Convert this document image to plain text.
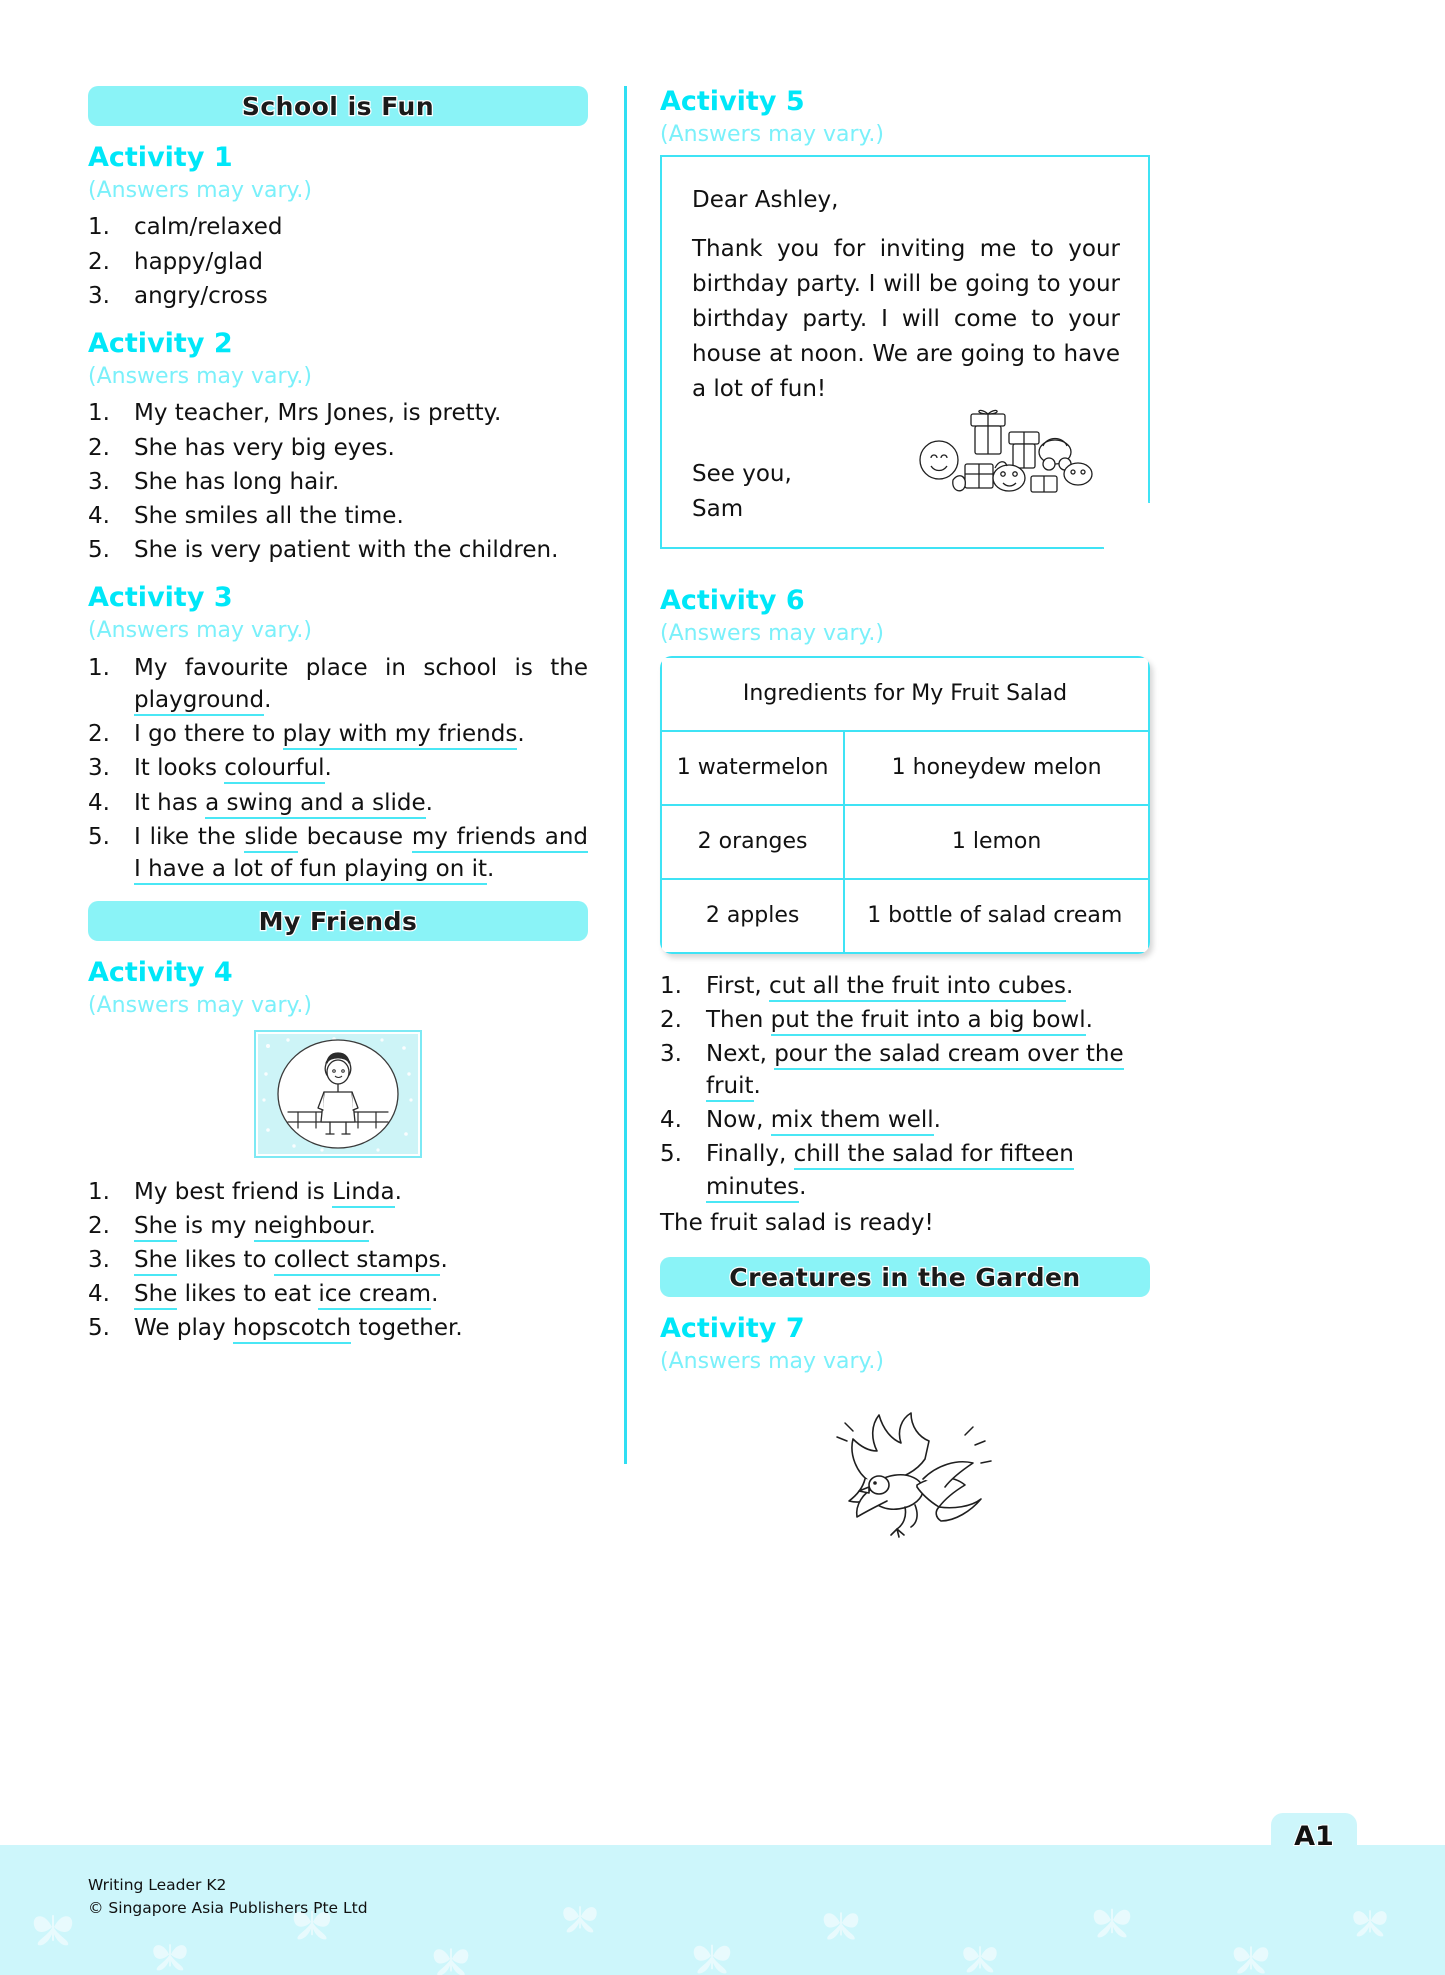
School is Fun
Activity 1
(Answers may vary.)
1.	calm/relaxed
2.	happy/glad
3.	angry/cross
Activity 2
(Answers may vary.)
1.	My teacher, Mrs Jones, is pretty.
2.	She has very big eyes.
3.	She has long hair.
4.	She smiles all the time.
5.	She is very patient with the children.
Activity 3
(Answers may vary.)
1.	My favourite place in school is the playground.
2.	I go there to play with my friends.
3.	It looks colourful.
4.	It has a swing and a slide.
5.	I like the slide because my friends and I have a lot of fun playing on it.
My Friends
Activity 4
(Answers may vary.)
1.	My best friend is Linda.
2.	She is my neighbour.
3.	She likes to collect stamps.
4.	She likes to eat ice cream.
5.	We play hopscotch together.
Activity 5
(Answers may vary.)
Dear Ashley,
Thank you for inviting me to your birthday party. I will be going to your birthday party. I will come to your house at noon. We are going to have a lot of fun!
See you,
Sam
Activity 6
(Answers may vary.)
Ingredients for My Fruit Salad	
1 watermelon	1 honeydew melon
2 oranges	1 lemon
2 apples	1 bottle of salad cream
1.	First, cut all the fruit into cubes.
2.	Then put the fruit into a big bowl.
3.	Next, pour the salad cream over the fruit.
4.	Now, mix them well.
5.	Finally, chill the salad for fifteen minutes.
The fruit salad is ready!
Creatures in the Garden
Activity 7
(Answers may vary.)
A1
Writing Leader K2
© Singapore Asia Publishers Pte Ltd
